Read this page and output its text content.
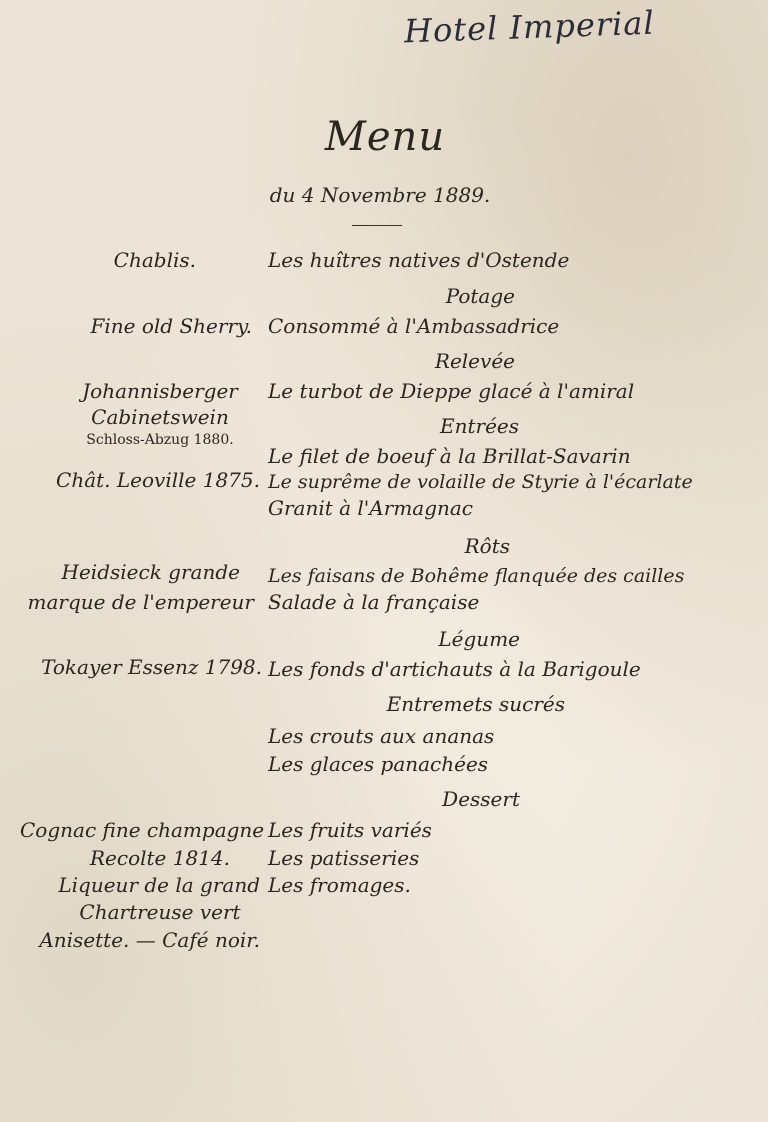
Hotel Imperial
Menu
du 4 Novembre 1889.
Chablis.
Fine old Sherry.
Johannisberger
Cabinetswein
Schloss-Abzug 1880.
Chât. Leoville 1875.
Heidsieck grande
marque de l'empereur
Tokayer Essenz 1798.
Cognac fine champagne
Recolte 1814.
Liqueur de la grand
Chartreuse vert
Anisette. — Café noir.
Les huîtres natives d'Ostende
Potage
Consommé à l'Ambassadrice
Relevée
Le turbot de Dieppe glacé à l'amiral
Entrées
Le filet de boeuf à la Brillat-Savarin
Le suprême de volaille de Styrie à l'écarlate
Granit à l'Armagnac
Rôts
Les faisans de Bohême flanquée des cailles
Salade à la française
Légume
Les fonds d'artichauts à la Barigoule
Entremets sucrés
Les crouts aux ananas
Les glaces panachées
Dessert
Les fruits variés
Les patisseries
Les fromages.
